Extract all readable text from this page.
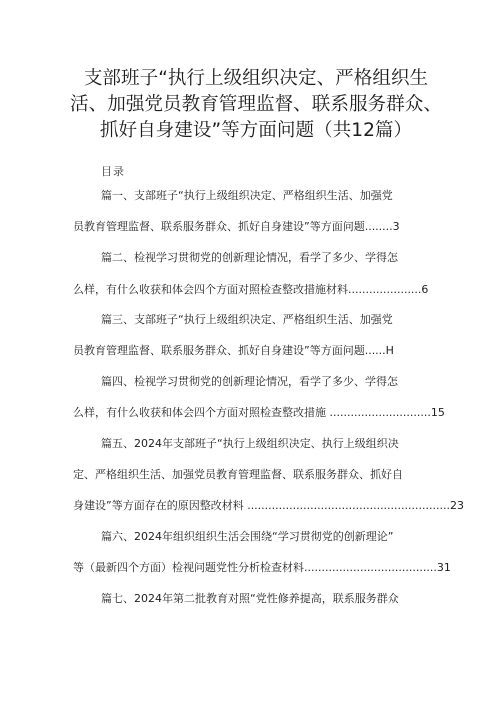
支部班子“执行上级组织决定、严格组织生
活、加强党员教育管理监督、联系服务群众、
抓好自身建设”等方面问题（共12篇）
目录
篇一、支部班子“执行上级组织决定、严格组织生活、加强党
员教育管理监督、联系服务群众、抓好自身建设”等方面问题........3
篇二、检视学习贯彻党的创新理论情况，看学了多少、学得怎
么样，有什么收获和体会四个方面对照检查整改措施材料.....................6
篇三、支部班子“执行上级组织决定、严格组织生活、加强党
员教育管理监督、联系服务群众、抓好自身建设”等方面问题......H
篇四、检视学习贯彻党的创新理论情况，看学了多少、学得怎
么样，有什么收获和体会四个方面对照检查整改措施 .............................15
篇五、2024年支部班子“执行上级组织决定、执行上级组织决
定、严格组织生活、加强党员教育管理监督、联系服务群众、抓好自
身建设”等方面存在的原因整改材料 ..........................................................23
篇六、2024年组织组织生活会围绕“学习贯彻党的创新理论”
等（最新四个方面）检视问题党性分析检查材料......................................31
篇七、2024年第二批教育对照“党性修养提高，联系服务群众
